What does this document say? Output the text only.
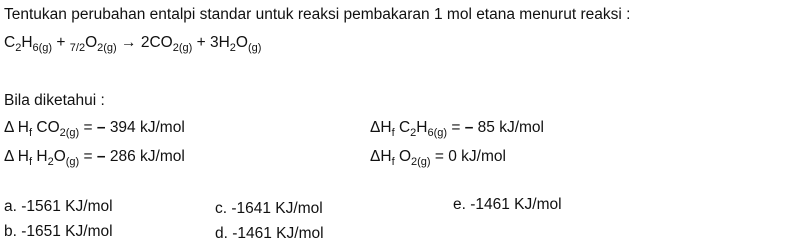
Tentukan perubahan entalpi standar untuk reaksi pembakaran 1 mol etana menurut reaksi :
$C_2H_{6(g)} + _{7/2}O_{2(g)} \to 2CO_{2(g)} + 3H_2O_{(g)}$
Bila diketahui :
Δ $H_f$ $CO_{2(g)}$ = – 394 kJ/mol	$\Delta H_f$ $C_2H_{6(g)}$ = – 85 kJ/mol
Δ $H_f$ $H_2O_{(g)}$ = – 286 kJ/mol	$\Delta H_f$ $O_{2(g)} = 0$ kJ/mol
a. -1561 KJ/mol
b. -1651 KJ/mol
c. -1641 KJ/mol
d. -1461 KJ/mol
e. -1461 KJ/mol
